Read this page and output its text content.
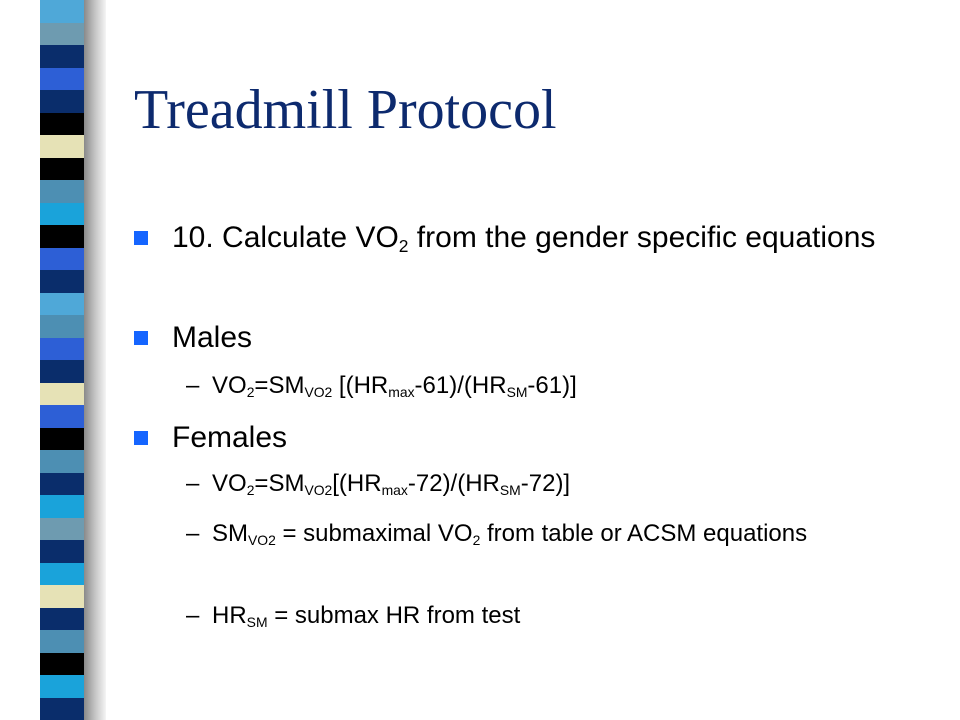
Treadmill Protocol
10. Calculate $VO_2$ from the gender specific equations
Males
– $VO_2=SM_{VO2}$ $[(HR_{max}-61)/(HR_{SM}-61)]$
Females
– $VO_2=SM_{VO2}[(HR_{max}-72)/(HR_{SM}-72)]$
– $SM_{VO2}$ = submaximal $VO_2$ from table or ACSM equations
– $HR_{SM} = submax$ HR from test
